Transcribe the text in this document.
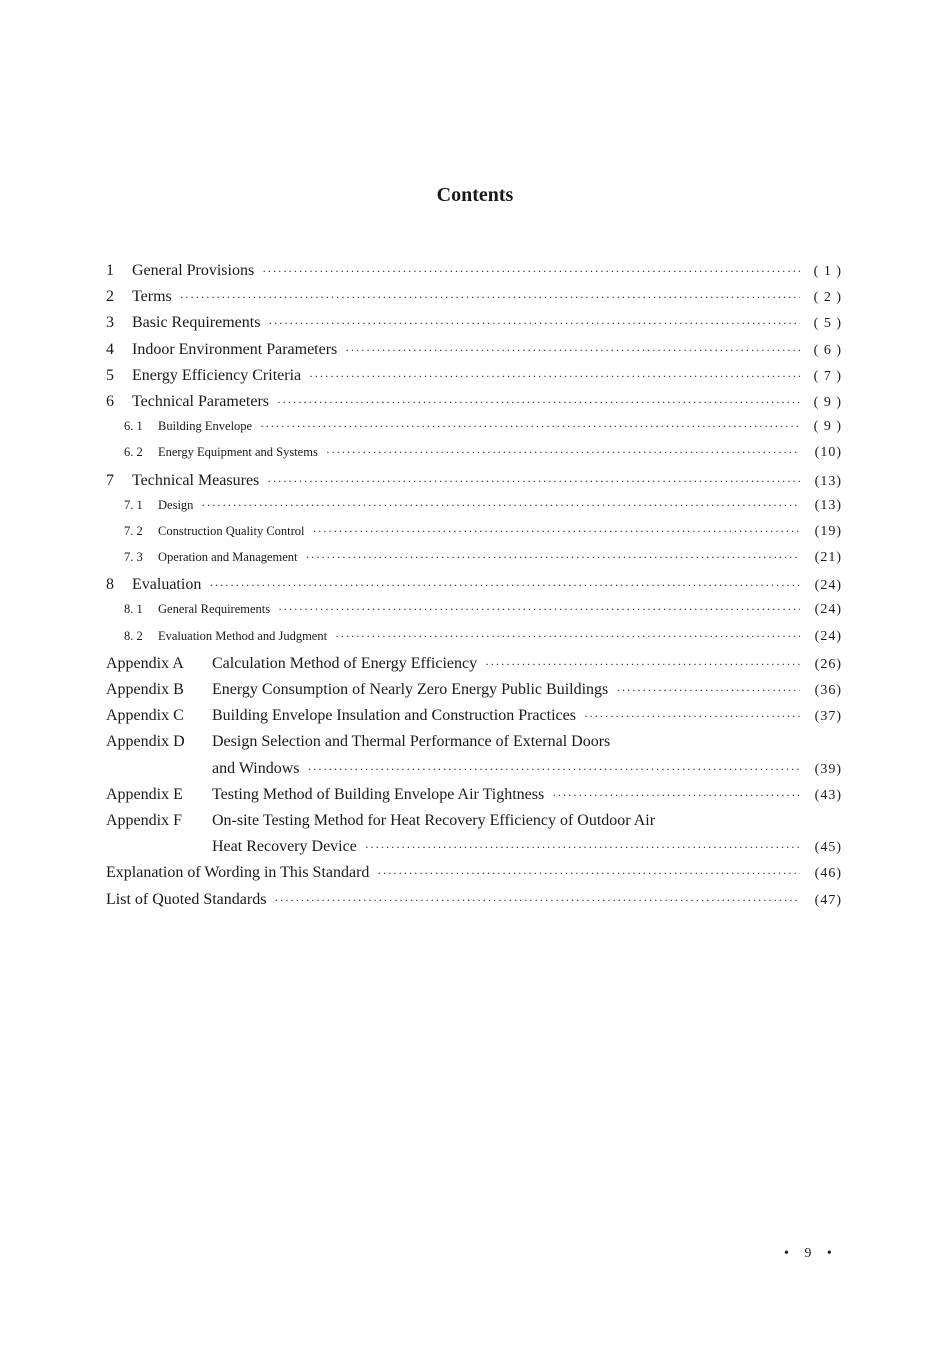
Contents
1	General Provisions ·····	( 1 )
2	Terms ·····	( 2 )
3	Basic Requirements ·····	( 5 )
4	Indoor Environment Parameters ·····	( 6 )
5	Energy Efficiency Criteria ·····	( 7 )
6	Technical Parameters ·····	( 9 )
6. 1	Building Envelope ·····	( 9 )
6. 2	Energy Equipment and Systems ·····	(10)
7	Technical Measures ·····	(13)
7. 1	Design ·····	(13)
7. 2	Construction Quality Control ·····	(19)
7. 3	Operation and Management ·····	(21)
8	Evaluation ·····	(24)
8. 1	General Requirements ·····	(24)
8. 2	Evaluation Method and Judgment ·····	(24)
Appendix A	Calculation Method of Energy Efficiency ·····	(26)
Appendix B	Energy Consumption of Nearly Zero Energy Public Buildings ·····	(36)
Appendix C	Building Envelope Insulation and Construction Practices ·····	(37)
Appendix D	Design Selection and Thermal Performance of External Doors
and Windows ·····	(39)
Appendix E	Testing Method of Building Envelope Air Tightness ·····	(43)
Appendix F	On-site Testing Method for Heat Recovery Efficiency of Outdoor Air
Heat Recovery Device ·····	(45)
Explanation of Wording in This Standard ·····	(46)
List of Quoted Standards ·····	(47)
• 9 •
